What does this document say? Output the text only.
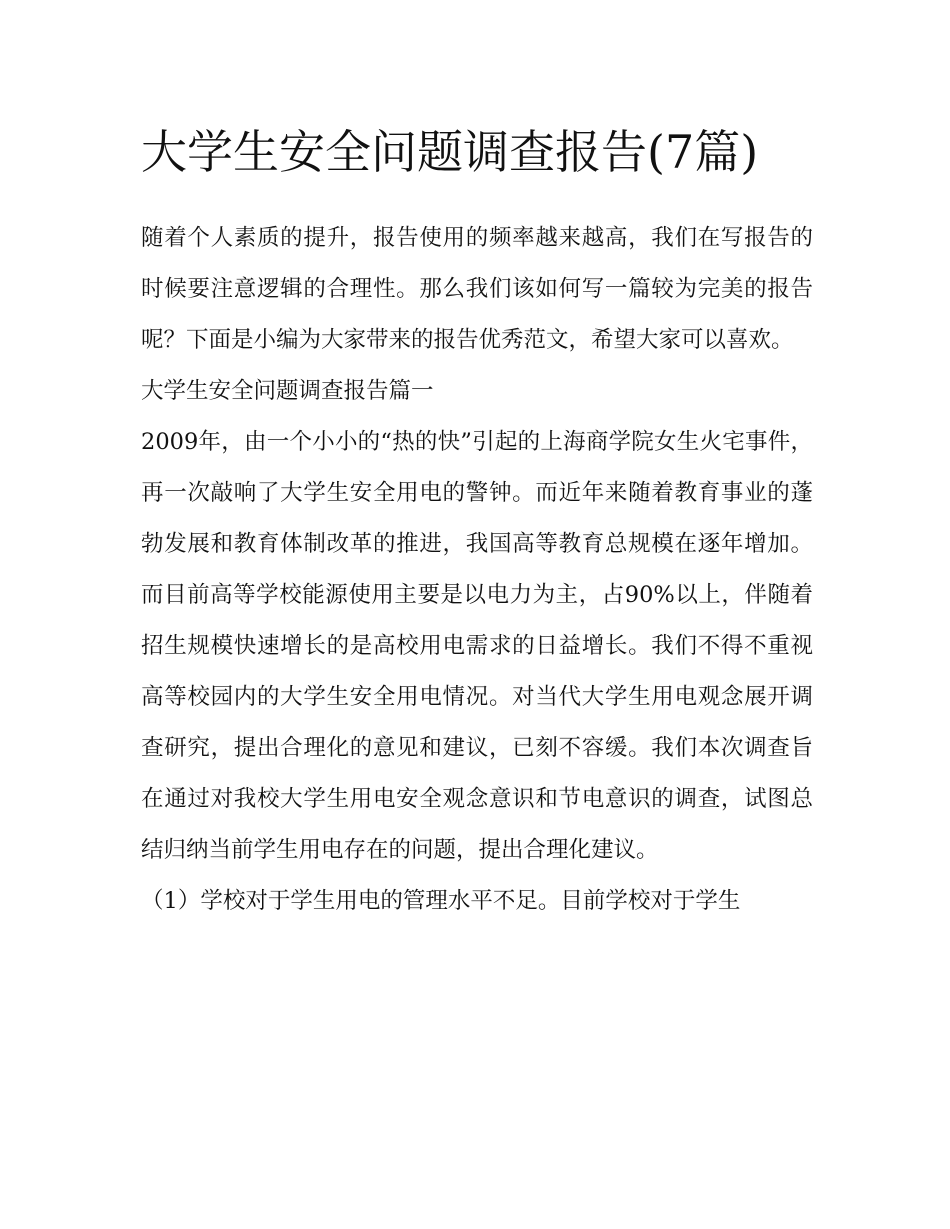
大学生安全问题调查报告(7篇)

随着个人素质的提升，报告使用的频率越来越高，我们在写报告的时候要注意逻辑的合理性。那么我们该如何写一篇较为完美的报告呢？下面是小编为大家带来的报告优秀范文，希望大家可以喜欢。

大学生安全问题调查报告篇一

2009年，由一个小小的“热的快”引起的上海商学院女生火宅事件，再一次敲响了大学生安全用电的警钟。而近年来随着教育事业的蓬勃发展和教育体制改革的推进，我国高等教育总规模在逐年增加。而目前高等学校能源使用主要是以电力为主，占90%以上，伴随着招生规模快速增长的是高校用电需求的日益增长。我们不得不重视高等校园内的大学生安全用电情况。对当代大学生用电观念展开调查研究，提出合理化的意见和建议，已刻不容缓。我们本次调查旨在通过对我校大学生用电安全观念意识和节电意识的调查，试图总结归纳当前学生用电存在的问题，提出合理化建议。

（1）学校对于学生用电的管理水平不足。目前学校对于学生
